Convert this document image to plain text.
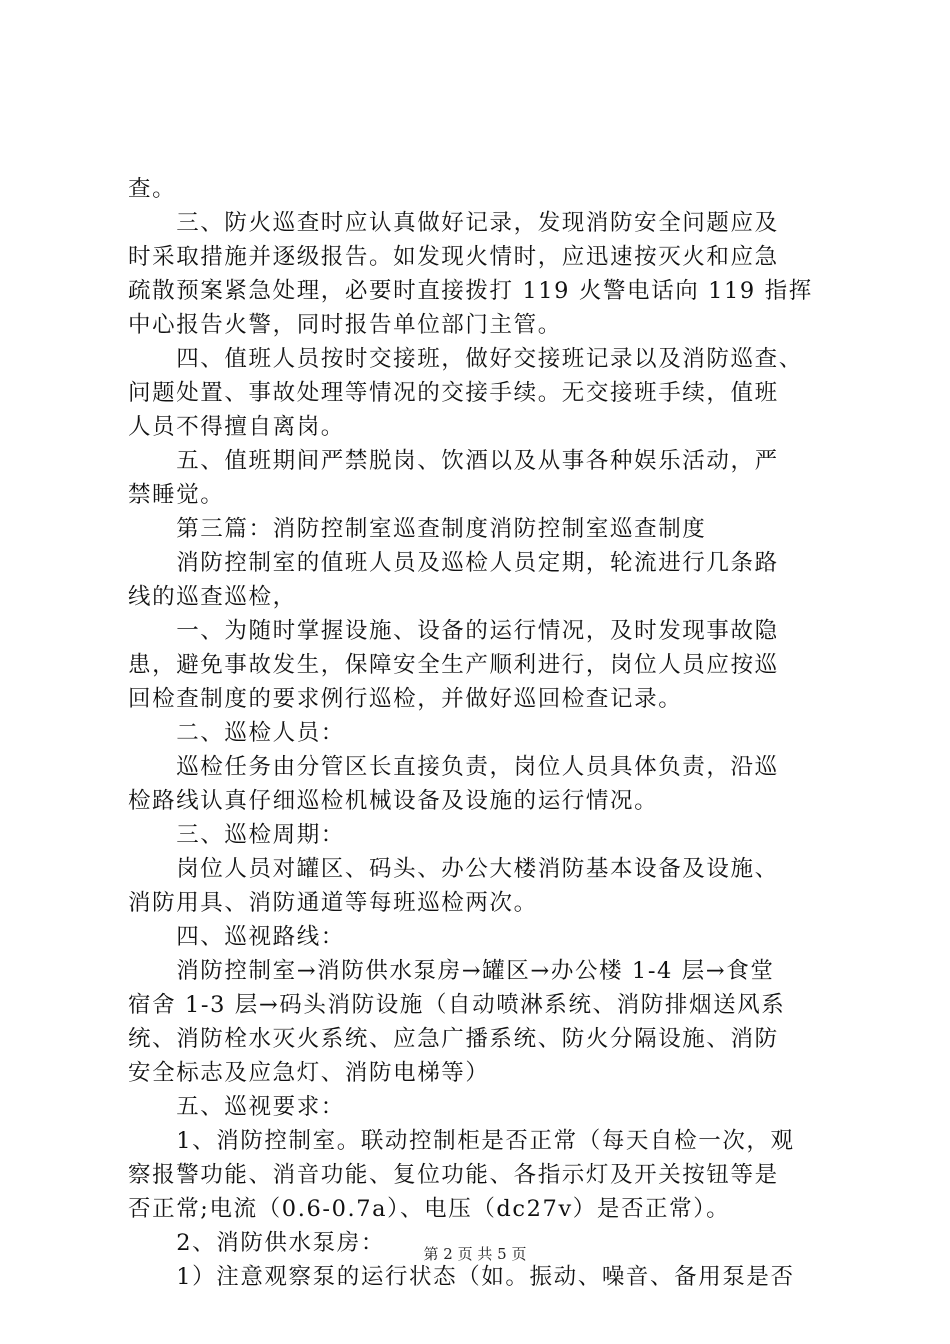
查。
　　三、防火巡查时应认真做好记录，发现消防安全问题应及
时采取措施并逐级报告。如发现火情时，应迅速按灭火和应急
疏散预案紧急处理，必要时直接拨打 119 火警电话向 119 指挥
中心报告火警，同时报告单位部门主管。
　　四、值班人员按时交接班，做好交接班记录以及消防巡查、
问题处置、事故处理等情况的交接手续。无交接班手续，值班
人员不得擅自离岗。
　　五、值班期间严禁脱岗、饮酒以及从事各种娱乐活动，严
禁睡觉。
　　第三篇：消防控制室巡查制度消防控制室巡查制度
　　消防控制室的值班人员及巡检人员定期，轮流进行几条路
线的巡查巡检，
　　一、为随时掌握设施、设备的运行情况，及时发现事故隐
患，避免事故发生，保障安全生产顺利进行，岗位人员应按巡
回检查制度的要求例行巡检，并做好巡回检查记录。
　　二、巡检人员：
　　巡检任务由分管区长直接负责，岗位人员具体负责，沿巡
检路线认真仔细巡检机械设备及设施的运行情况。
　　三、巡检周期：
　　岗位人员对罐区、码头、办公大楼消防基本设备及设施、
消防用具、消防通道等每班巡检两次。
　　四、巡视路线：
　　消防控制室→消防供水泵房→罐区→办公楼 1-4 层→食堂
宿舍 1-3 层→码头消防设施（自动喷淋系统、消防排烟送风系
统、消防栓水灭火系统、应急广播系统、防火分隔设施、消防
安全标志及应急灯、消防电梯等）
　　五、巡视要求：
　　1、消防控制室。联动控制柜是否正常（每天自检一次，观
察报警功能、消音功能、复位功能、各指示灯及开关按钮等是
否正常;电流（0.6-0.7a）、电压（dc27v）是否正常）。
　　2、消防供水泵房：
　　1）注意观察泵的运行状态（如。振动、噪音、备用泵是否
第 2 页 共 5 页
